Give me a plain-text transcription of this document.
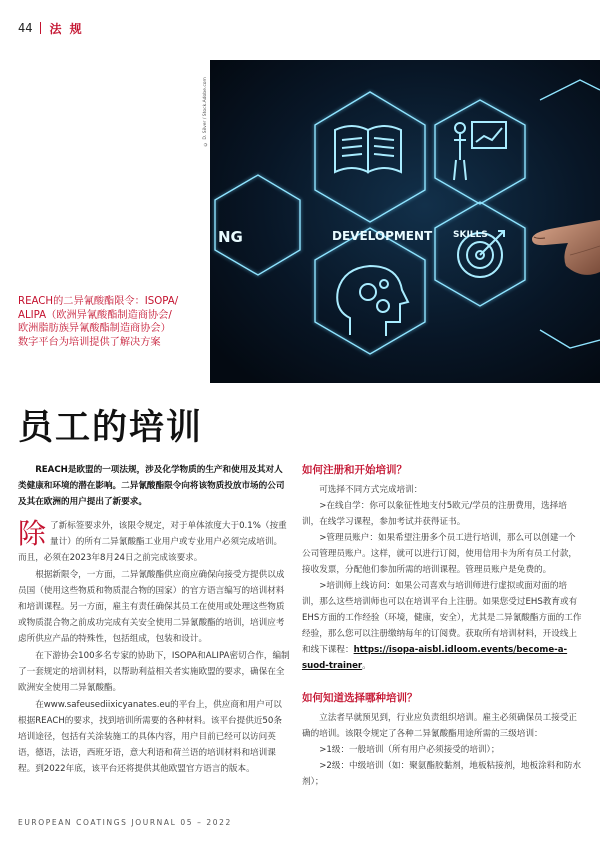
44 法 规
© D. Silver / Stock.Adobe.com
NG	DEVELOPMENT SKILLS
REACH的二异氰酸酯限令：ISOPA/
ALIPA（欧洲异氰酸酯制造商协会/
欧洲脂肪族异氰酸酯制造商协会）
数字平台为培训提供了解决方案
员工的培训

REACH是欧盟的一项法规，涉及化学物质的生产和使用及其对人类健康和环境的潜在影响。二异氰酸酯限令向将该物质投放市场的公司及其在欧洲的用户提出了新要求。

除了新标签要求外，该限令规定，对于单体浓度大于0.1%（按重量计）的所有二异氰酸酯工业用户或专业用户必须完成培训。而且，必须在2023年8月24日之前完成该要求。

根据新限令，一方面，二异氰酸酯供应商应确保向接受方提供以成员国（使用这些物质和物质混合物的国家）的官方语言编写的培训材料和培训课程。另一方面，雇主有责任确保其员工在使用或处理这些物质或物质混合物之前成功完成有关安全使用二异氰酸酯的培训，培训应考虑所供应产品的特殊性，包括组成，包装和设计。

在下游协会100多名专家的协助下，ISOPA和ALIPA密切合作，编制了一套规定的培训材料，以帮助利益相关者实施欧盟的要求，确保在全欧洲安全使用二异氰酸酯。

在www.safeusediixicyanates.eu的平台上，供应商和用户可以根据REACH的要求，找到培训所需要的各种材料。该平台提供近50条培训途径，包括有关涂装施工的具体内容，用户目前已经可以访问英语，德语，法语，西班牙语，意大利语和荷兰语的培训材料和培训课程。到2022年底，该平台还将提供其他欧盟官方语言的版本。

如何注册和开始培训？

可选择不同方式完成培训：

>在线自学：你可以象征性地支付5欧元/学员的注册费用，选择培训，在线学习课程，参加考试并获得证书。

>管理员账户：如果希望注册多个员工进行培训，那么可以创建一个公司管理员账户。这样，就可以进行订阅，使用信用卡为所有员工付款，接收发票，分配他们参加所需的培训课程。管理员账户是免费的。

>培训师上线访问：如果公司喜欢与培训师进行虚拟或面对面的培训，那么这些培训师也可以在培训平台上注册。如果您受过EHS教育或有EHS方面的工作经验（环境，健康，安全），尤其是二异氰酸酯方面的工作经验，那么您可以注册缴纳每年的订阅费。获取所有培训材料，开设线上和线下课程：https://isopa-aisbl.idloom.events/become-a-suod-trainer。

如何知道选择哪种培训？

立法者早就预见到，行业应负责组织培训。雇主必须确保员工接受正确的培训。该限令规定了各种二异氰酸酯用途所需的三级培训：

>1级：一般培训（所有用户必须接受的培训）；

>2级：中级培训（如：聚氨酯胶黏剂，地板粘接剂，地板涂料和防水剂）；

EUROPEAN COATINGS JOURNAL 05 – 2022
